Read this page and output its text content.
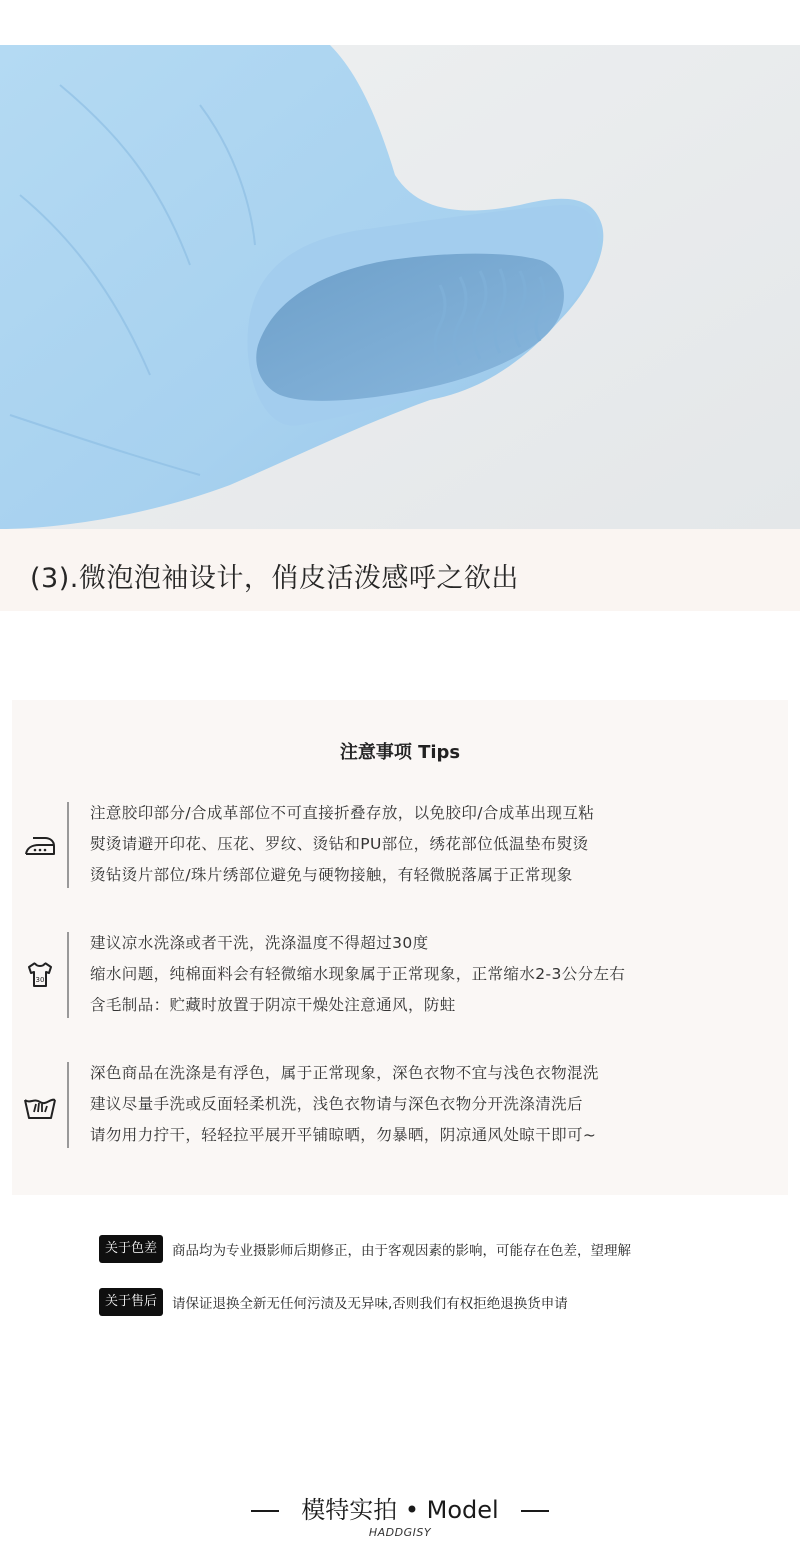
(3).微泡泡袖设计，俏皮活泼感呼之欲出
注意事项 Tips
注意胶印部分/合成革部位不可直接折叠存放，以免胶印/合成革出现互粘
熨烫请避开印花、压花、罗纹、烫钻和PU部位，绣花部位低温垫布熨烫
烫钻烫片部位/珠片绣部位避免与硬物接触，有轻微脱落属于正常现象
30
建议凉水洗涤或者干洗，洗涤温度不得超过30度
缩水问题，纯棉面料会有轻微缩水现象属于正常现象，正常缩水2-3公分左右
含毛制品：贮藏时放置于阴凉干燥处注意通风，防蛀
深色商品在洗涤是有浮色，属于正常现象，深色衣物不宜与浅色衣物混洗
建议尽量手洗或反面轻柔机洗，浅色衣物请与深色衣物分开洗涤清洗后
请勿用力拧干，轻轻拉平展开平铺晾晒，勿暴晒，阴凉通风处晾干即可~
关于色差	商品均为专业摄影师后期修正，由于客观因素的影响，可能存在色差，望理解
关于售后	请保证退换全新无任何污渍及无异味,否则我们有权拒绝退换货申请
模特实拍 • Model
HADDGISY
